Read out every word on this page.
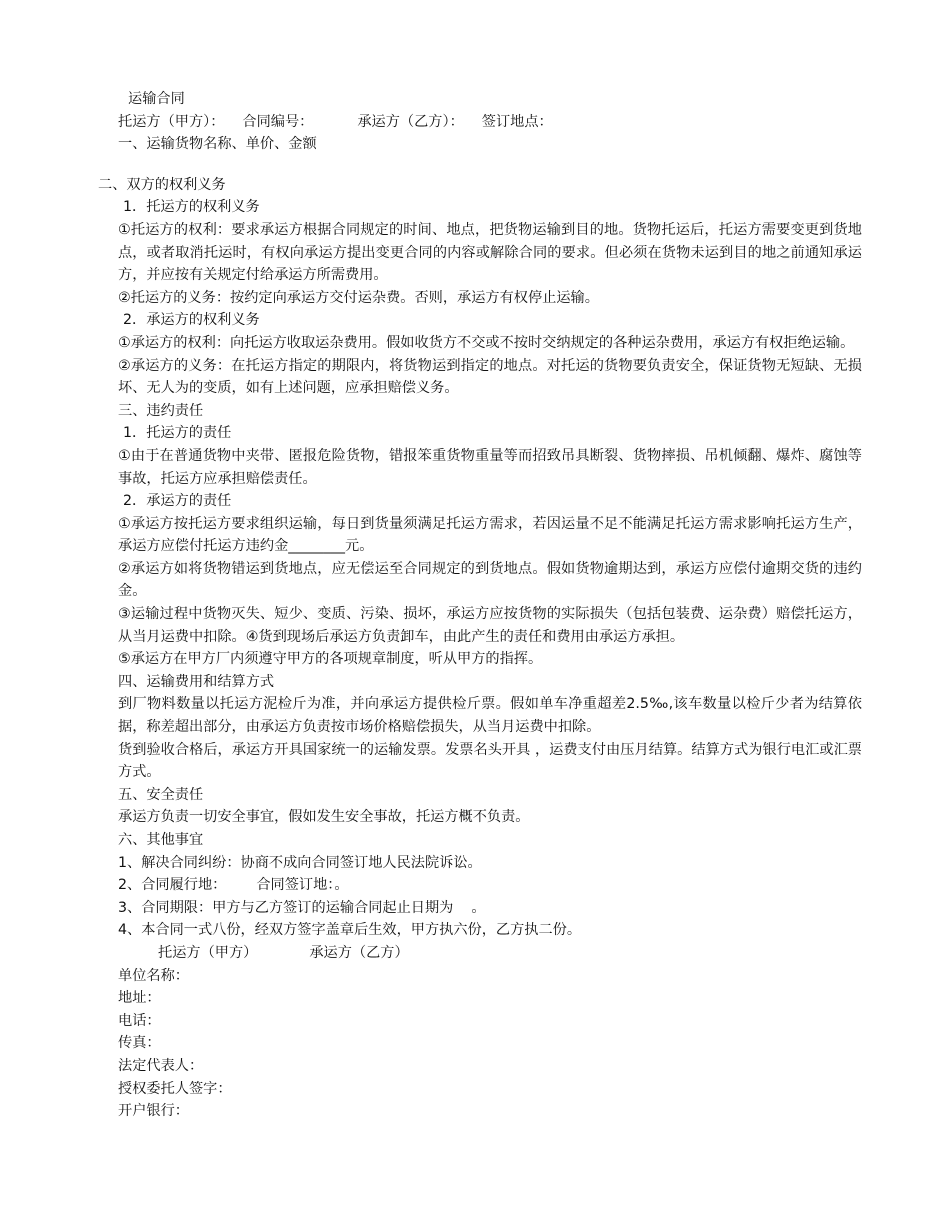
运输合同
托运方（甲方）： 合同编号：	承运方（乙方）： 签订地点：
一、运输货物名称、单价、金额
二、双方的权利义务
1．托运方的权利义务
①托运方的权利：要求承运方根据合同规定的时间、地点，把货物运输到目的地。货物托运后，托运方需要变更到货地点，或者取消托运时，有权向承运方提出变更合同的内容或解除合同的要求。但必须在货物未运到目的地之前通知承运方，并应按有关规定付给承运方所需费用。
②托运方的义务：按约定向承运方交付运杂费。否则，承运方有权停止运输。
2．承运方的权利义务
①承运方的权利：向托运方收取运杂费用。假如收货方不交或不按时交纳规定的各种运杂费用，承运方有权拒绝运输。
②承运方的义务：在托运方指定的期限内，将货物运到指定的地点。对托运的货物要负责安全，保证货物无短缺、无损坏、无人为的变质，如有上述问题，应承担赔偿义务。
三、违约责任
1．托运方的责任
①由于在普通货物中夹带、匿报危险货物，错报笨重货物重量等而招致吊具断裂、货物摔损、吊机倾翻、爆炸、腐蚀等事故，托运方应承担赔偿责任。
2．承运方的责任
①承运方按托运方要求组织运输，每日到货量须满足托运方需求，若因运量不足不能满足托运方需求影响托运方生产，承运方应偿付托运方违约金________元。
②承运方如将货物错运到货地点，应无偿运至合同规定的到货地点。假如货物逾期达到，承运方应偿付逾期交货的违约金。
③运输过程中货物灭失、短少、变质、污染、损坏，承运方应按货物的实际损失（包括包装费、运杂费）赔偿托运方，从当月运费中扣除。④货到现场后承运方负责卸车，由此产生的责任和费用由承运方承担。
⑤承运方在甲方厂内须遵守甲方的各项规章制度，听从甲方的指挥。
四、运输费用和结算方式
到厂物料数量以托运方泥检斤为准，并向承运方提供检斤票。假如单车净重超差2.5‰,该车数量以检斤少者为结算依据，称差超出部分，由承运方负责按市场价格赔偿损失，从当月运费中扣除。
货到验收合格后，承运方开具国家统一的运输发票。发票名头开具 ，运费支付由压月结算。结算方式为银行电汇或汇票方式。
五、安全责任
承运方负责一切安全事宜，假如发生安全事故，托运方概不负责。
六、其他事宜
1、解决合同纠纷：协商不成向合同签订地人民法院诉讼。
2、合同履行地： 合同签订地：。
3、合同期限：甲方与乙方签订的运输合同起止日期为 。
4、本合同一式八份，经双方签字盖章后生效，甲方执六份，乙方执二份。
托运方（甲方）	承运方（乙方）
单位名称：
地址：
电话：
传真：
法定代表人：
授权委托人签字：
开户银行：
